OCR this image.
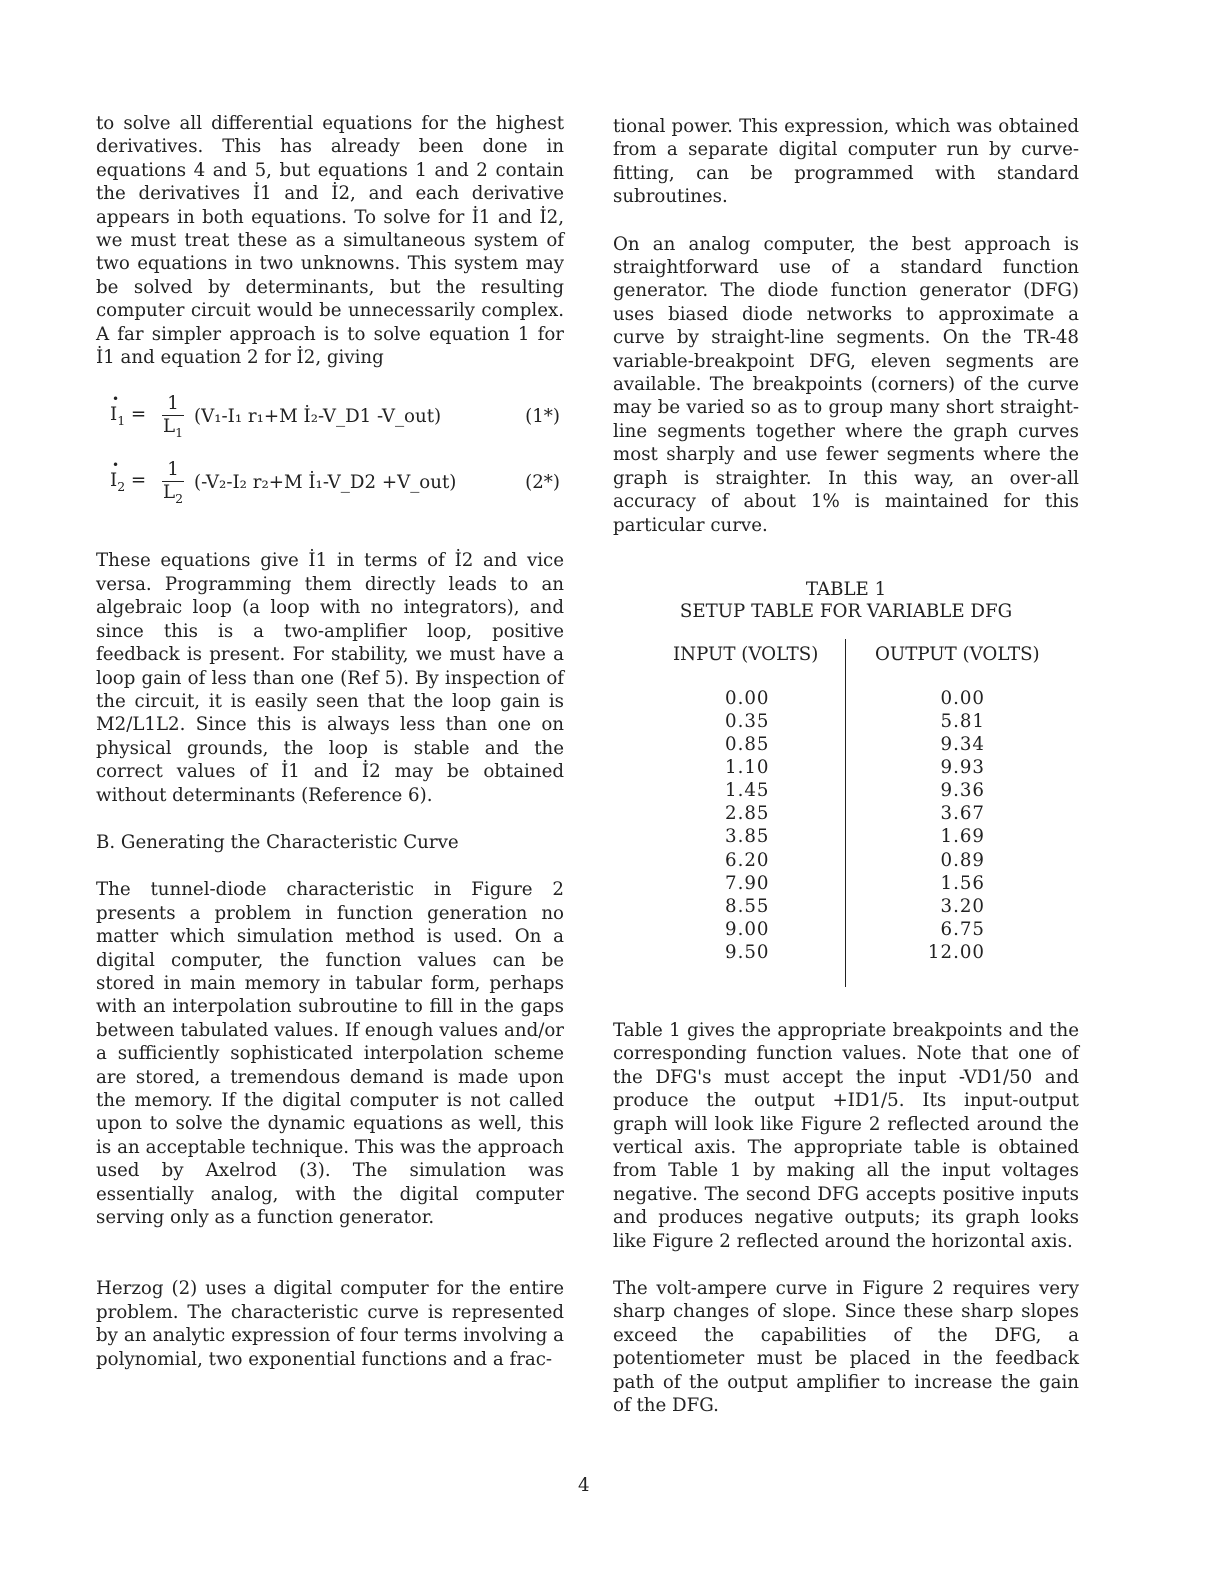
to solve all differential equations for the highest derivatives. This has already been done in equations 4 and 5, but equations 1 and 2 contain the derivatives İ1 and İ2, and each derivative appears in both equations. To solve for İ1 and İ2, we must treat these as a simultaneous system of two equations in two unknowns. This system may be solved by determinants, but the resulting computer circuit would be unnecessarily complex. A far simpler approach is to solve equation 1 for İ1 and equation 2 for İ2, giving

• $I_1 = \frac{1}{L_1} (V_1-I_1$ r₁+M İ₂-V_D1 -V_out)	(1*)
• $I_2 = \frac{1}{L_2} (-V_2-I_2$ r₂+M İ₁-V_D2 +V_out)	(2*)

These equations give İ1 in terms of İ2 and vice versa. Programming them directly leads to an algebraic loop (a loop with no integrators), and since this is a two-amplifier loop, positive feedback is present. For stability, we must have a loop gain of less than one (Ref 5). By inspection of the circuit, it is easily seen that the loop gain is M2/L1L2. Since this is always less than one on physical grounds, the loop is stable and the correct values of İ1 and İ2 may be obtained without determinants (Reference 6).

B. Generating the Characteristic Curve

The tunnel-diode characteristic in Figure 2 presents a problem in function generation no matter which simulation method is used. On a digital computer, the function values can be stored in main memory in tabular form, perhaps with an interpolation subroutine to fill in the gaps between tabulated values. If enough values and/or a sufficiently sophisticated interpolation scheme are stored, a tremendous demand is made upon the memory. If the digital computer is not called upon to solve the dynamic equations as well, this is an acceptable technique. This was the approach used by Axelrod (3). The simulation was essentially analog, with the digital computer serving only as a function generator.

Herzog (2) uses a digital computer for the entire problem. The characteristic curve is represented by an analytic expression of four terms involving a polynomial, two exponential functions and a frac-

tional power. This expression, which was obtained from a separate digital computer run by curve-fitting, can be programmed with standard subroutines.

On an analog computer, the best approach is straightforward use of a standard function generator. The diode function generator (DFG) uses biased diode networks to approximate a curve by straight-line segments. On the TR-48 variable-breakpoint DFG, eleven segments are available. The breakpoints (corners) of the curve may be varied so as to group many short straight-line segments together where the graph curves most sharply and use fewer segments where the graph is straighter. In this way, an over-all accuracy of about 1% is maintained for this particular curve.

TABLE 1

SETUP TABLE FOR VARIABLE DFG

INPUT (VOLTS)	OUTPUT (VOLTS)
0.00	0.00
0.35	5.81
0.85	9.34
1.10	9.93
1.45	9.36
2.85	3.67
3.85	1.69
6.20	0.89
7.90	1.56
8.55	3.20
9.00	6.75
9.50	12.00

Table 1 gives the appropriate breakpoints and the corresponding function values. Note that one of the DFG's must accept the input -VD1/50 and produce the output +ID1/5. Its input-output graph will look like Figure 2 reflected around the vertical axis. The appropriate table is obtained from Table 1 by making all the input voltages negative. The second DFG accepts positive inputs and produces negative outputs; its graph looks like Figure 2 reflected around the horizontal axis.

The volt-ampere curve in Figure 2 requires very sharp changes of slope. Since these sharp slopes exceed the capabilities of the DFG, a potentiometer must be placed in the feedback path of the output amplifier to increase the gain of the DFG.

4
